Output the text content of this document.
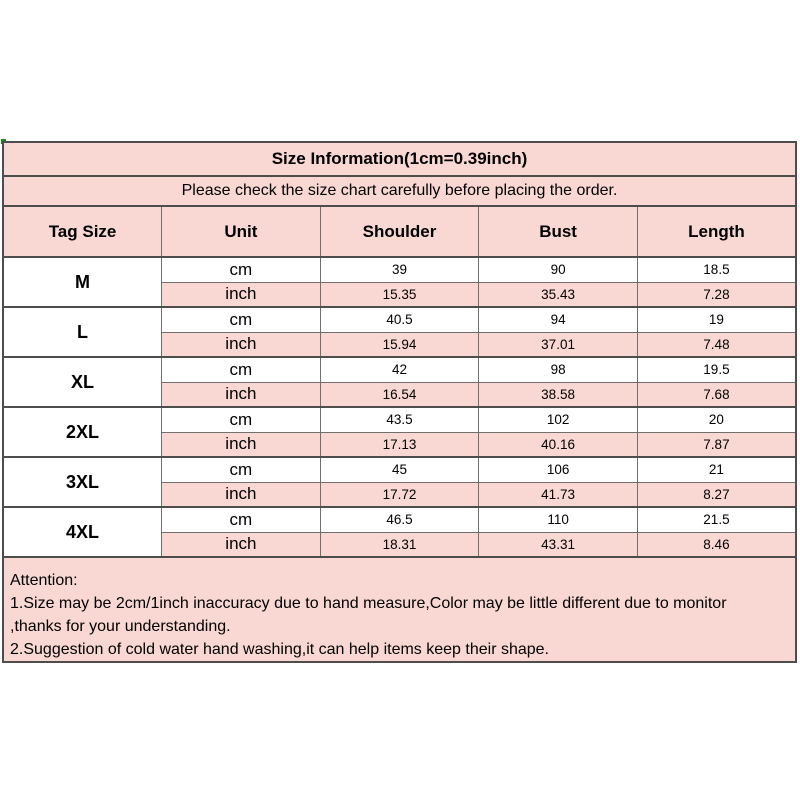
Size Information(1cm=0.39inch)				
Please check the size chart carefully before placing the order.				
Tag Size	Unit	Shoulder	Bust	Length
M	cm	39	90	18.5
	inch	15.35	35.43	7.28
L	cm	40.5	94	19
	inch	15.94	37.01	7.48
XL	cm	42	98	19.5
	inch	16.54	38.58	7.68
2XL	cm	43.5	102	20
	inch	17.13	40.16	7.87
3XL	cm	45	106	21
	inch	17.72	41.73	8.27
4XL	cm	46.5	110	21.5
	inch	18.31	43.31	8.46

Attention:
1.Size may be 2cm/1inch inaccuracy due to hand measure,Color may be little different due to monitor
,thanks for your understanding.
2.Suggestion of cold water hand washing,it can help items keep their shape.				
